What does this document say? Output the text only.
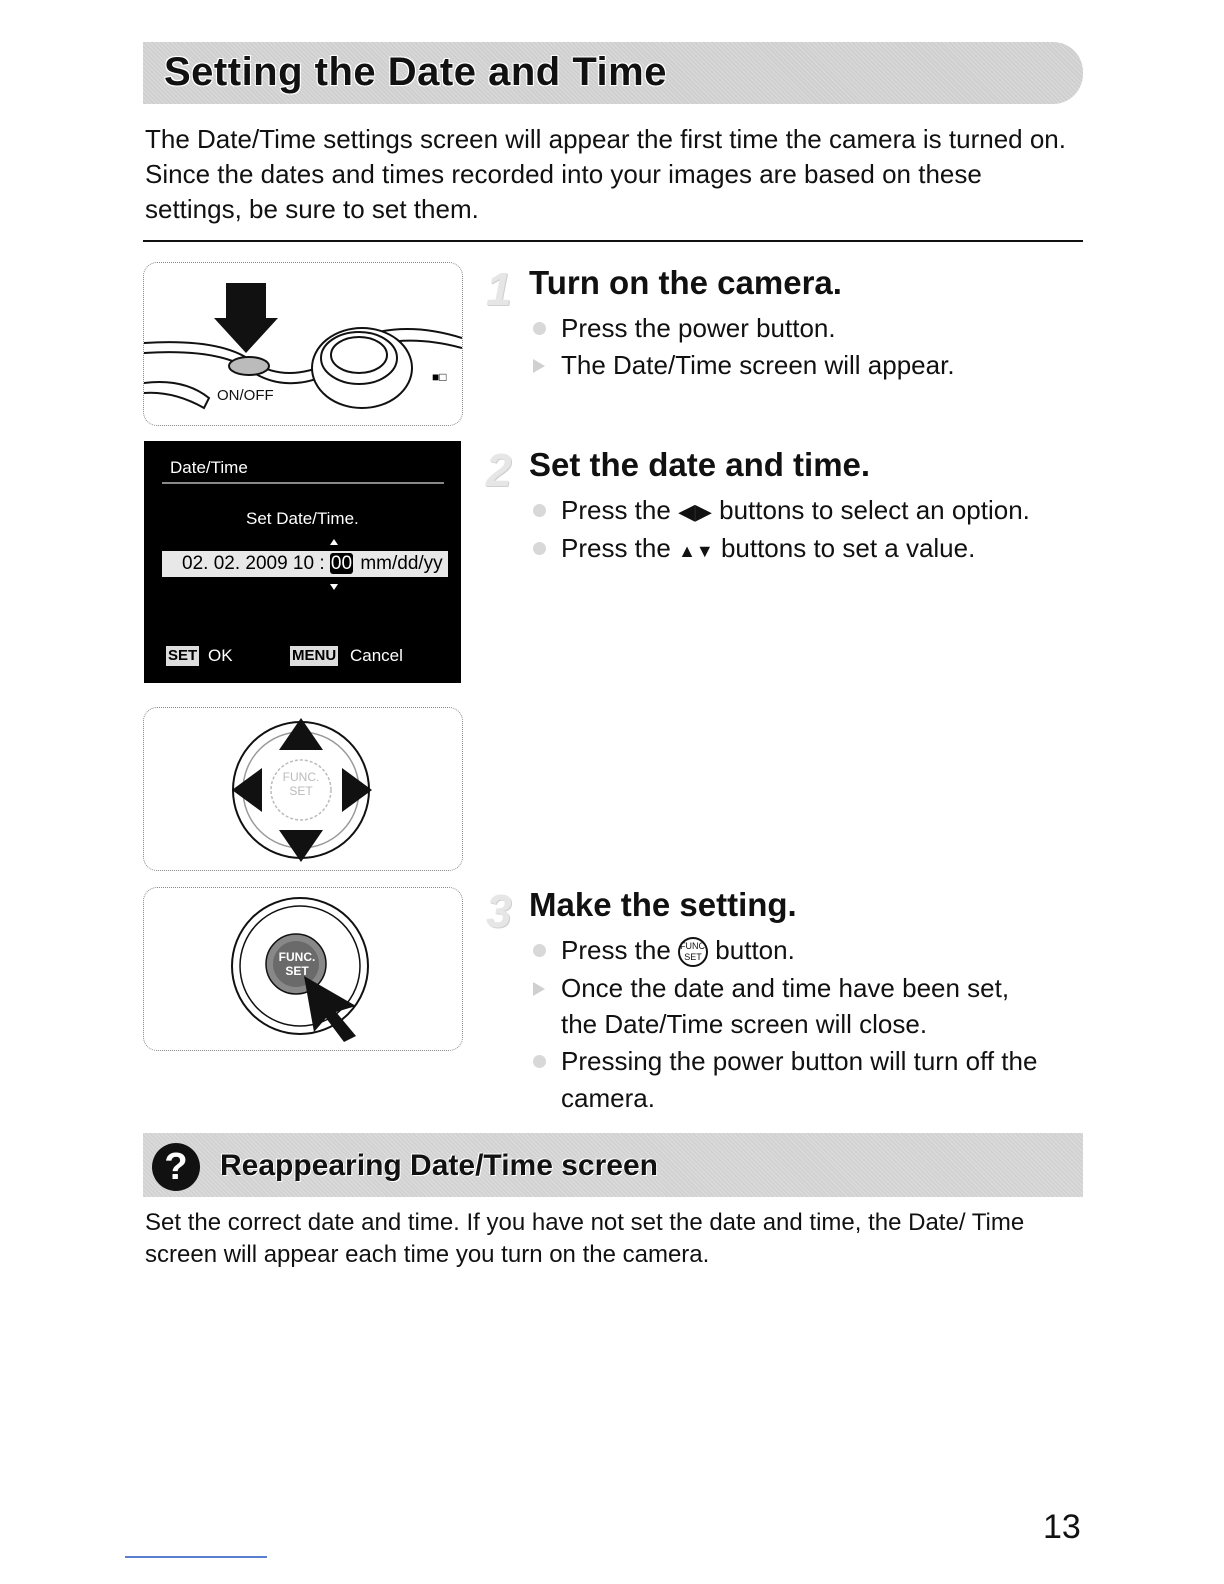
Setting the Date and Time
The Date/Time settings screen will appear the first time the camera is turned on. Since the dates and times recorded into your images are based on these settings, be sure to set them.
■□
ON/OFF
Date/Time
Set Date/Time.
02. 02. 2009 10 : 00 mm/dd/yy
SET OK	MENU Cancel
FUNC.
SET
FUNC.
SET
1 Turn on the camera.
Press the power button.
The Date/Time screen will appear.
2 Set the date and time.
Press the ◀▶ buttons to select an option.
Press the ▲▼ buttons to set a value.
3 Make the setting.
Press the FUNC.
SET button.
Once the date and time have been set,
the Date/Time screen will close.
Pressing the power button will turn off the
camera.
?	Reappearing Date/Time screen
Set the correct date and time. If you have not set the date and time, the Date/ Time screen will appear each time you turn on the camera.
13
